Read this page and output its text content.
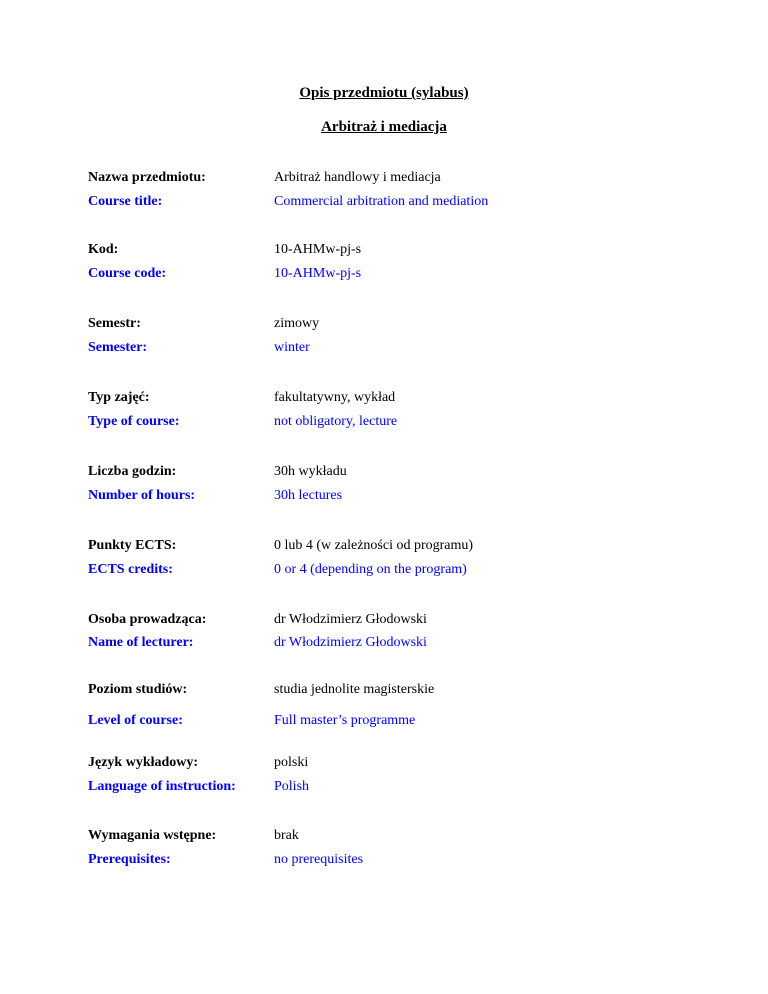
Opis przedmiotu (sylabus)
Arbitraż i mediacja
Nazwa przedmiotu:	Arbitraż handlowy i mediacja
Course title:	Commercial arbitration and mediation
Kod:	10-AHMw-pj-s
Course code:	10-AHMw-pj-s
Semestr:	zimowy
Semester:	winter
Typ zajęć:	fakultatywny, wykład
Type of course:	not obligatory, lecture
Liczba godzin:	30h wykładu
Number of hours:	30h lectures
Punkty ECTS:	0 lub 4 (w zależności od programu)
ECTS credits:	0 or 4 (depending on the program)
Osoba prowadząca:	dr Włodzimierz Głodowski
Name of lecturer:	dr Włodzimierz Głodowski
Poziom studiów:	studia jednolite magisterskie
Level of course:	Full master’s programme
Język wykładowy:	polski
Language of instruction:	Polish
Wymagania wstępne:	brak
Prerequisites:	no prerequisites
